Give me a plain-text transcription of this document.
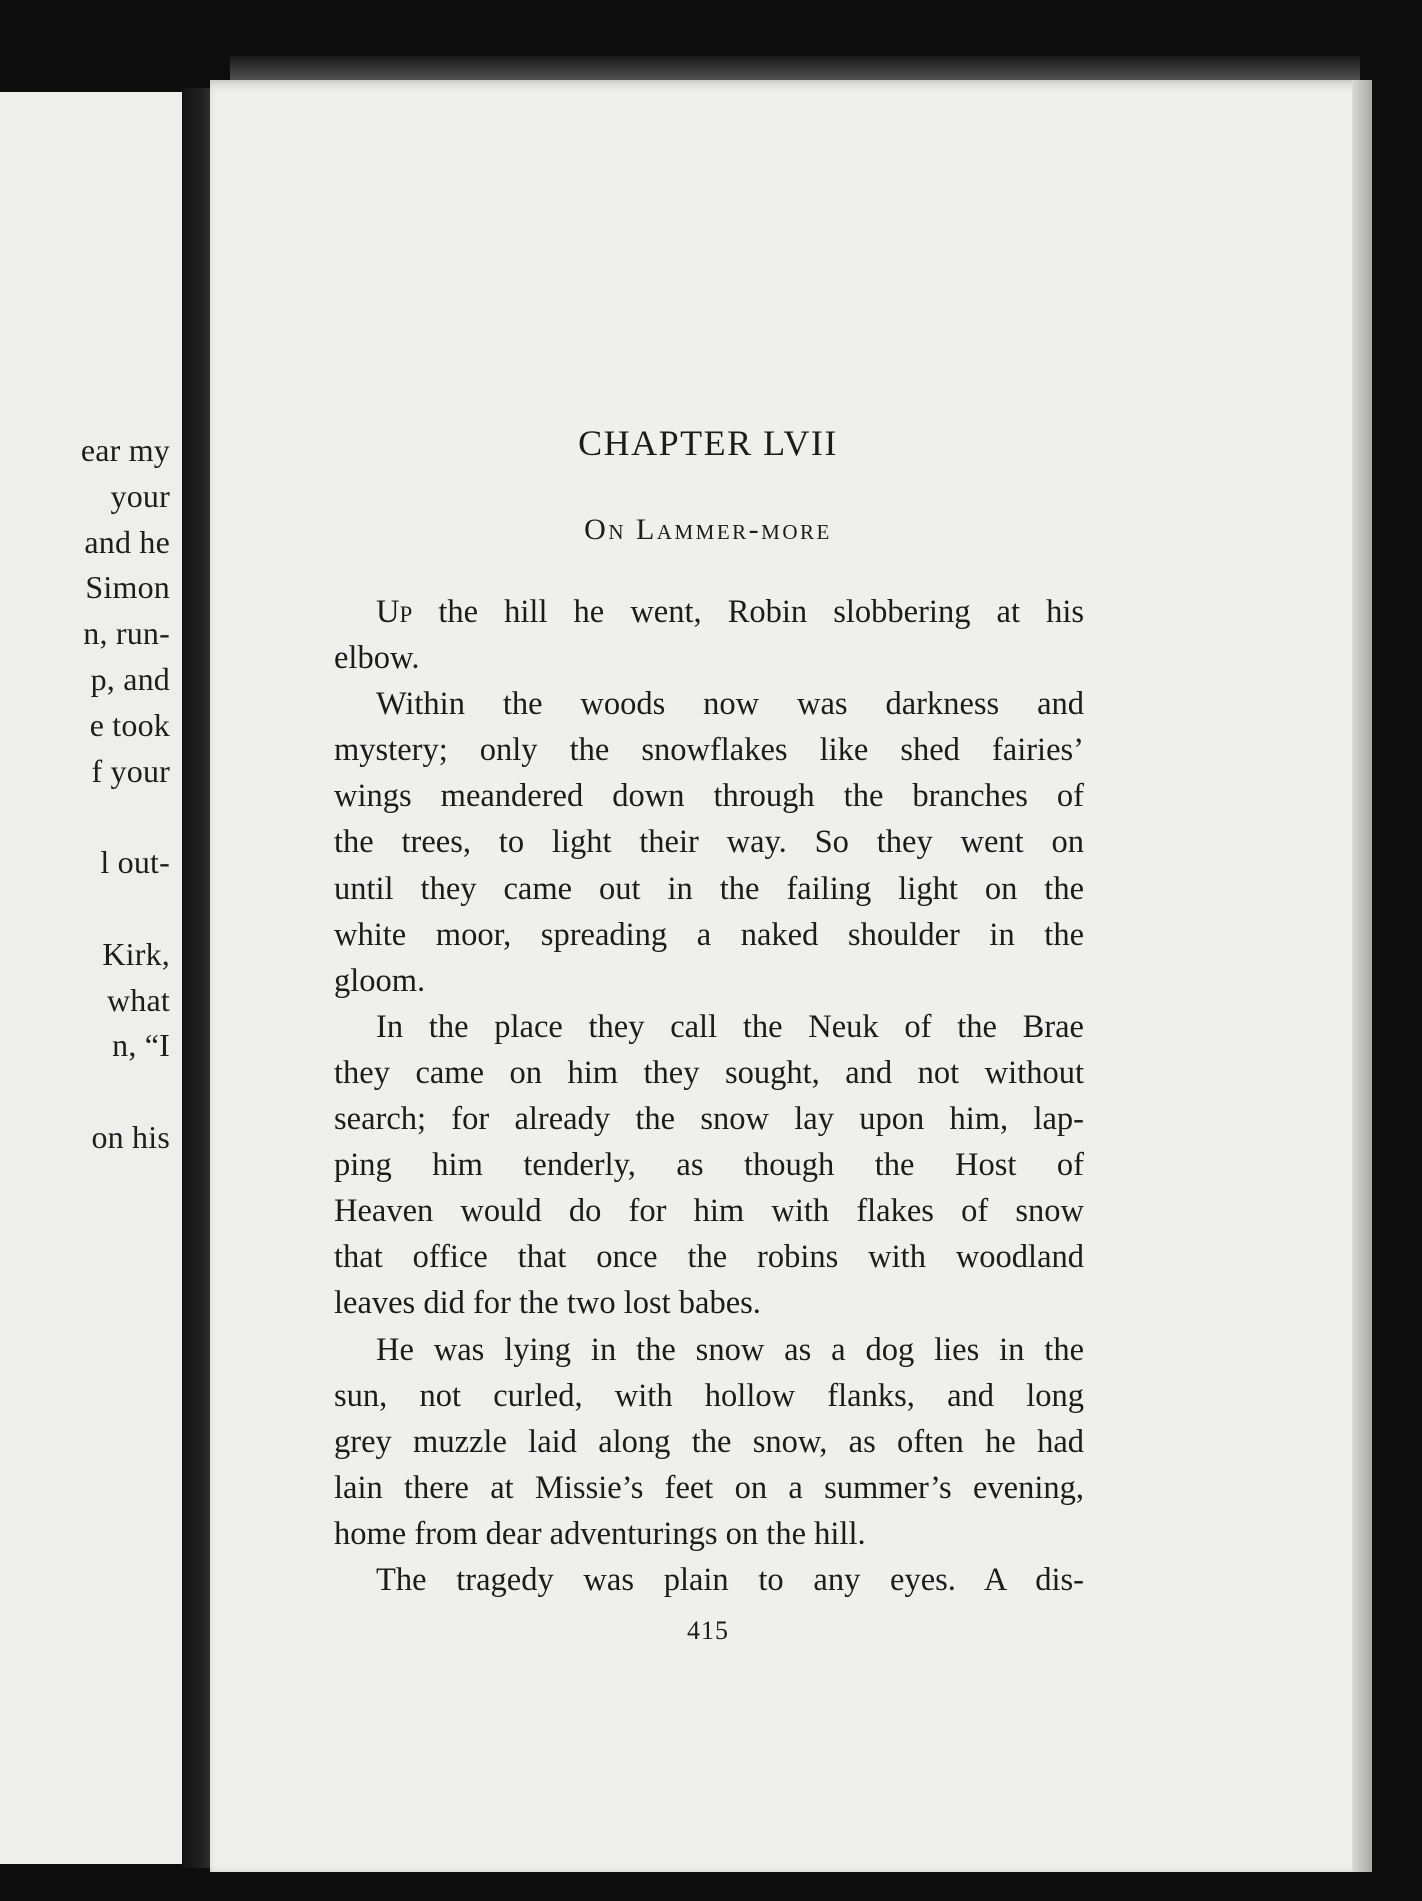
ear my
your
and he
Simon
n, run-
p, and
e took
f your
l out-
Kirk,
what
n, “I
on his
CHAPTER LVII
On Lammer-more
Up the hill he went, Robin slobbering at his
elbow.
Within the woods now was darkness and
mystery; only the snowflakes like shed fairies’
wings meandered down through the branches of
the trees, to light their way. So they went on
until they came out in the failing light on the
white moor, spreading a naked shoulder in the
gloom.
In the place they call the Neuk of the Brae
they came on him they sought, and not without
search; for already the snow lay upon him, lap-
ping him tenderly, as though the Host of
Heaven would do for him with flakes of snow
that office that once the robins with woodland
leaves did for the two lost babes.
He was lying in the snow as a dog lies in the
sun, not curled, with hollow flanks, and long
grey muzzle laid along the snow, as often he had
lain there at Missie’s feet on a summer’s evening,
home from dear adventurings on the hill.
The tragedy was plain to any eyes. A dis-
415
